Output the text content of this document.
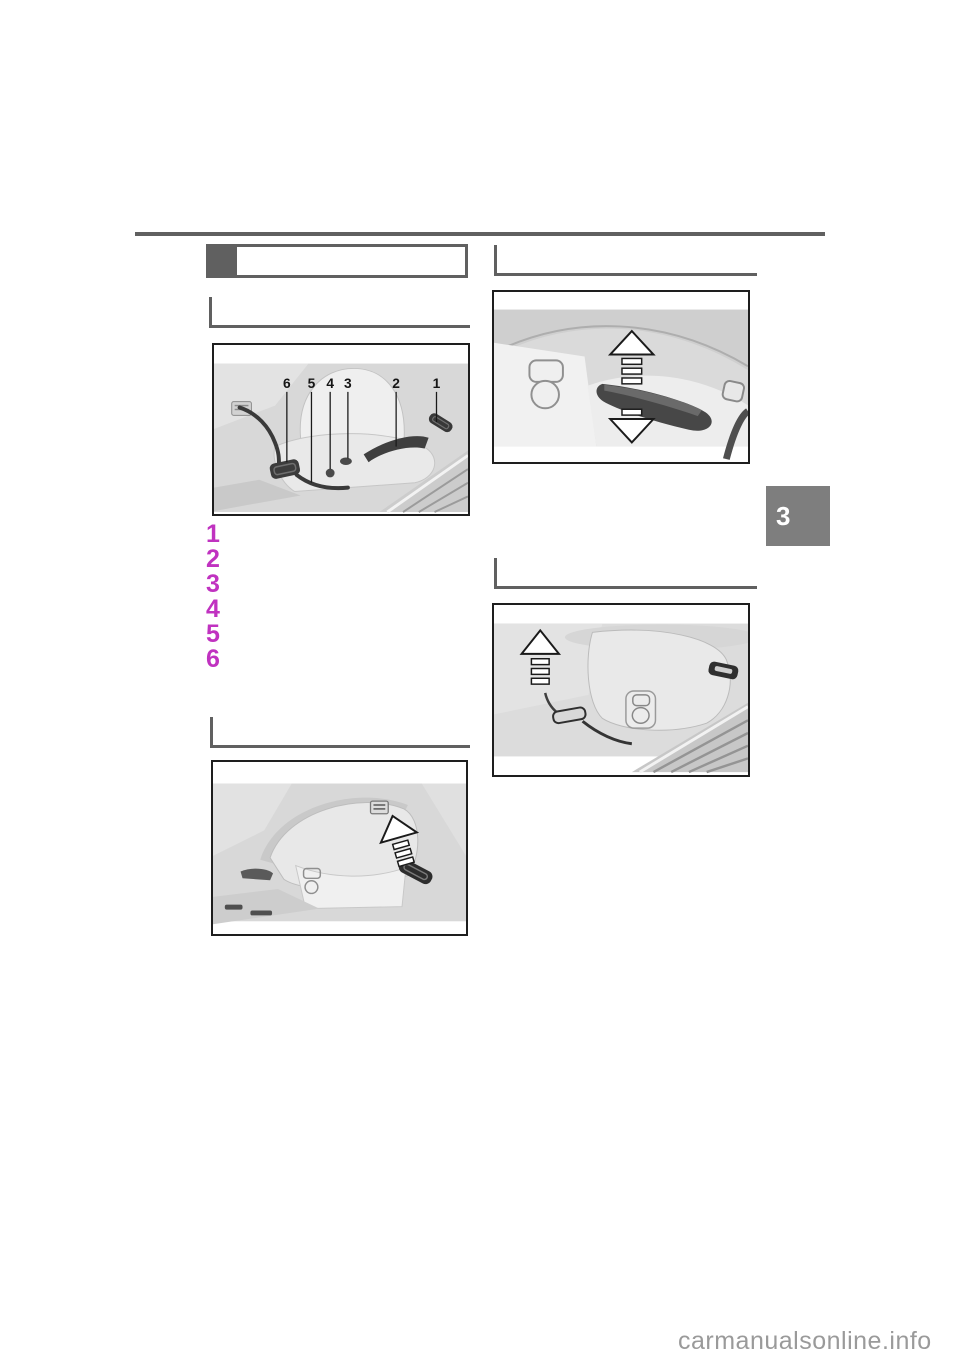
6 5 4 3	2 1
1
2
3
4
5
6
3
carmanualsonline.info
